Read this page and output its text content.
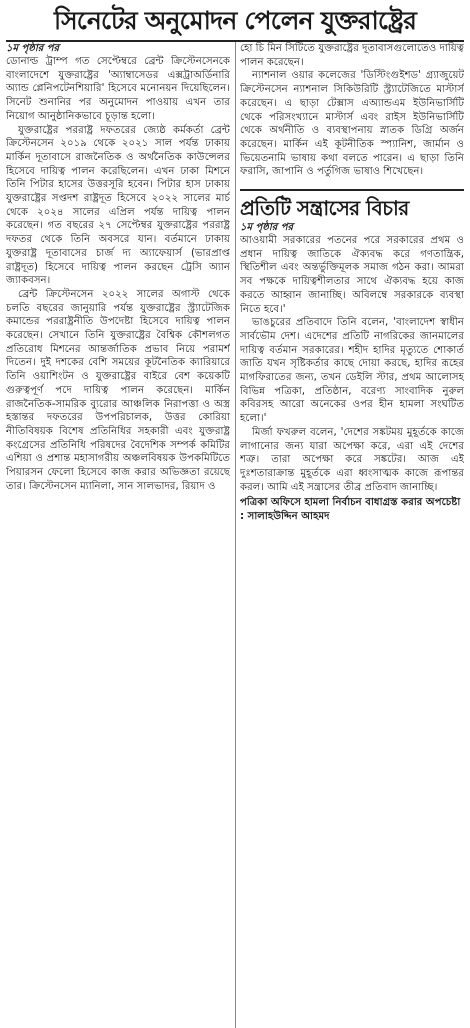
সিনেটের অনুমোদন পেলেন যুক্তরাষ্ট্রের

১ম পৃষ্ঠার পর

ডোনাল্ড ট্রাম্প গত সেপ্টেম্বরে ব্রেন্ট ক্রিস্টেনসেনকে বাংলাদেশে যুক্তরাষ্ট্রের 'অ্যাম্বাসেডর এক্সট্রাঅর্ডিনারি অ্যান্ড প্লেনিপটেনশিয়ারি' হিসেবে মনোনয়ন দিয়েছিলেন। সিনেট শুনানির পর অনুমোদন পাওয়ায় এখন তার নিয়োগ আনুষ্ঠানিকভাবে চূড়ান্ত হলো।

যুক্তরাষ্ট্রের পররাষ্ট্র দফতরের জ্যেষ্ঠ কর্মকর্তা ব্রেন্ট ক্রিস্টেনসেন ২০১৯ থেকে ২০২১ সাল পর্যন্ত ঢাকায় মার্কিন দূতাবাসে রাজনৈতিক ও অর্থনৈতিক কাউন্সেলর হিসেবে দায়িত্ব পালন করেছিলেন। এখন ঢাকা মিশনে তিনি পিটার হাসের উত্তরসূরি হবেন। পিটার হাস ঢাকায় যুক্তরাষ্ট্রের সপ্তদশ রাষ্ট্রদূত হিসেবে ২০২২ সালের মার্চ থেকে ২০২৪ সালের এপ্রিল পর্যন্ত দায়িত্ব পালন করেছেন। গত বছরের ২৭ সেপ্টেম্বর যুক্তরাষ্ট্রের পররাষ্ট্র দফতর থেকে তিনি অবসরে যান। বর্তমানে ঢাকায় যুক্তরাষ্ট্র দূতাবাসের চার্জ দ্য অ্যাফেয়ার্স (ভারপ্রাপ্ত রাষ্ট্রদূত) হিসেবে দায়িত্ব পালন করছেন ট্রেসি অ্যান জ্যাকবসন।

ব্রেন্ট ক্রিস্টেনসেন ২০২২ সালের অগাস্ট থেকে চলতি বছরের জানুয়ারি পর্যন্ত যুক্তরাষ্ট্রের স্ট্র্যাটেজিক কমান্ডের পররাষ্ট্রনীতি উপদেষ্টা হিসেবে দায়িত্ব পালন করেছেন। সেখানে তিনি যুক্তরাষ্ট্রের বৈশ্বিক কৌশলগত প্রতিরোধ মিশনের আন্তর্জাতিক প্রভাব নিয়ে পরামর্শ দিতেন। দুই দশকের বেশি সময়ের কূটনৈতিক ক্যারিয়ারে তিনি ওয়াশিংটন ও যুক্তরাষ্ট্রের বাইরে বেশ কয়েকটি গুরুত্বপূর্ণ পদে দায়িত্ব পালন করেছেন। মার্কিন রাজনৈতিক-সামরিক ব্যুরোর আঞ্চলিক নিরাপত্তা ও অস্ত্র হস্তান্তর দফতরের উপপরিচালক, উত্তর কোরিয়া নীতিবিষয়ক বিশেষ প্রতিনিধির সহকারী এবং যুক্তরাষ্ট্র কংগ্রেসের প্রতিনিধি পরিষদের বৈদেশিক সম্পর্ক কমিটির এশিয়া ও প্রশান্ত মহাসাগরীয় অঞ্চলবিষয়ক উপকমিটিতে পিয়ারসন ফেলো হিসেবে কাজ করার অভিজ্ঞতা রয়েছে তার। ক্রিস্টেনসেন ম্যানিলা, সান সালভাদর, রিয়াদ ও

হো চি মিন সিটিতে যুক্তরাষ্ট্রের দূতাবাসগুলোতেও দায়িত্ব পালন করেছেন।

ন্যাশনাল ওয়ার কলেজের 'ডিস্টিংগুইশড' গ্র্যাজুয়েট ক্রিস্টেনসেন ন্যাশনাল সিকিউরিটি স্ট্র্যাটেজিতে মাস্টার্স করেছেন। এ ছাড়া টেক্সাস এঅ্যান্ডএম ইউনিভার্সিটি থেকে পরিসংখ্যানে মাস্টার্স এবং রাইস ইউনিভার্সিটি থেকে অর্থনীতি ও ব্যবস্থাপনায় স্নাতক ডিগ্রি অর্জন করেছেন। মার্কিন এই কূটনীতিক স্প্যানিশ, জার্মান ও ভিয়েতনামি ভাষায় কথা বলতে পারেন। এ ছাড়া তিনি ফরাসি, জাপানি ও পর্তুগিজ ভাষাও শিখেছেন।

প্রতিটি সন্ত্রাসের বিচার

১ম পৃষ্ঠার পর

আওয়ামী সরকারের পতনের পরে সরকারের প্রথম ও প্রধান দায়িত্ব জাতিকে ঐক্যবদ্ধ করে গণতান্ত্রিক, স্থিতিশীল এবং অন্তর্ভুক্তিমূলক সমাজ গঠন করা। আমরা সব পক্ষকে দায়িত্বশীলতার সাথে ঐক্যবদ্ধ হয়ে কাজ করতে আহ্বান জানাচ্ছি। অবিলম্বে সরকারকে ব্যবস্থা নিতে হবে।'

ভাঙচুরের প্রতিবাদে তিনি বলেন, 'বাংলাদেশ স্বাধীন সার্বভৌম দেশ। এদেশের প্রতিটি নাগরিকের জানমালের দায়িত্ব বর্তমান সরকারের। শহীদ হাদির মৃত্যুতে শোকার্ত জাতি যখন সৃষ্টিকর্তার কাছে দোয়া করছে, হাদির রূহের মাগফিরাতের জন্য, তখন ডেইলি স্টার, প্রথম আলোসহ বিভিন্ন পত্রিকা, প্রতিষ্ঠান, বরেণ্য সাংবাদিক নুরুল কবিরসহ আরো অনেকের ওপর হীন হামলা সংঘটিত হলো।'

মির্জা ফখরুল বলেন, 'দেশের সঙ্কটময় মুহূর্তকে কাজে লাগানোর জন্য যারা অপেক্ষা করে, এরা এই দেশের শত্রু। তারা অপেক্ষা করে সঙ্কটের। আজ এই দুঃশতারাক্রান্ত মুহূর্তকে এরা ধ্বংসাত্মক কাজে রূপান্তর করল। আমি এই সন্ত্রাসের তীব্র প্রতিবাদ জানাচ্ছি।

পত্রিকা অফিসে হামলা নির্বাচন বাধাগ্রস্ত করার অপচেষ্টা : সালাহউদ্দিন আহমদ
